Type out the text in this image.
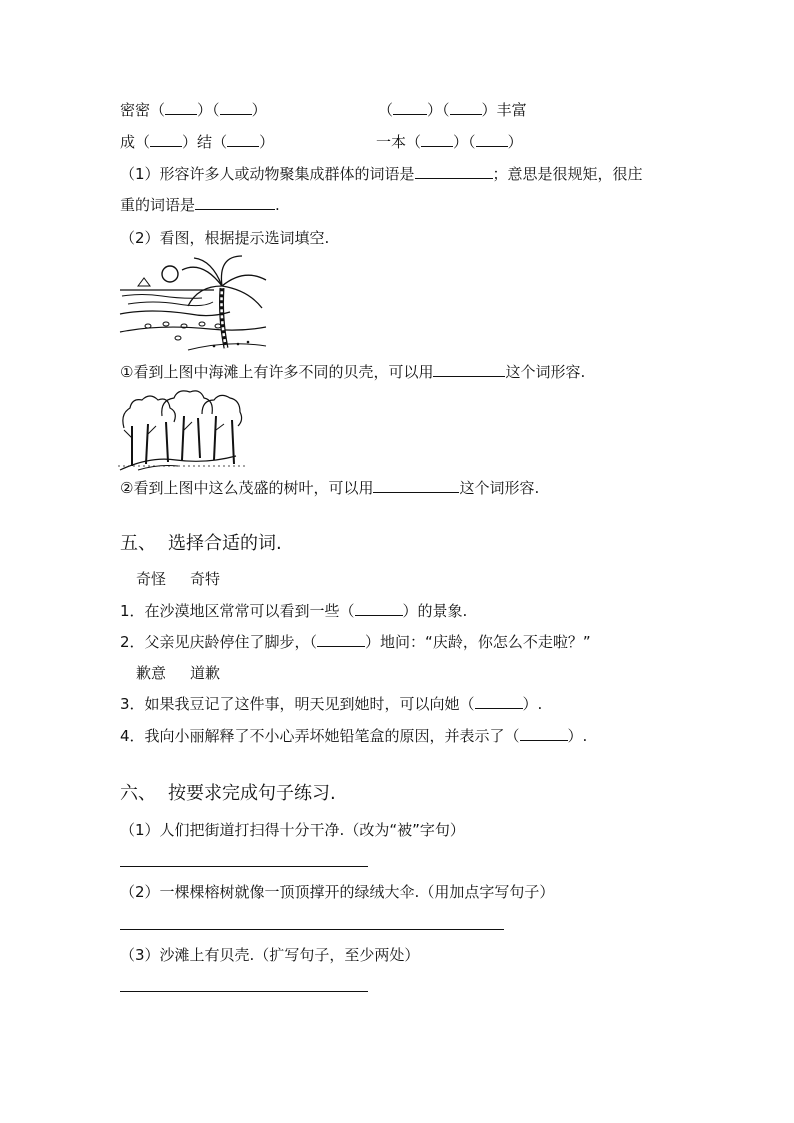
密密（ ）（ ）	（ ）（ ）丰富
成（ ）结（ ）	一本（ ）（ ）
（1）形容许多人或动物聚集成群体的词语是	；意思是很规矩，很庄
重的词语是	.
（2）看图，根据提示选词填空.
①看到上图中海滩上有许多不同的贝壳，可以用	这个词形容.
②看到上图中这么茂盛的树叶，可以用	这个词形容.
五、 选择合适的词.
奇怪 奇特
1．在沙漠地区常常可以看到一些（	）的景象.
2．父亲见庆龄停住了脚步，（	）地问：“庆龄，你怎么不走啦？”
歉意 道歉
3．如果我豆记了这件事，明天见到她时，可以向她（	）.
4．我向小丽解释了不小心弄坏她铅笔盒的原因，并表示了（	）.
六、 按要求完成句子练习.
（1）人们把街道打扫得十分干净.（改为“被”字句）
（2）一棵棵榕树就像一顶顶撑开的绿绒大伞.（用加点字写句子）
（3）沙滩上有贝壳.（扩写句子，至少两处）
